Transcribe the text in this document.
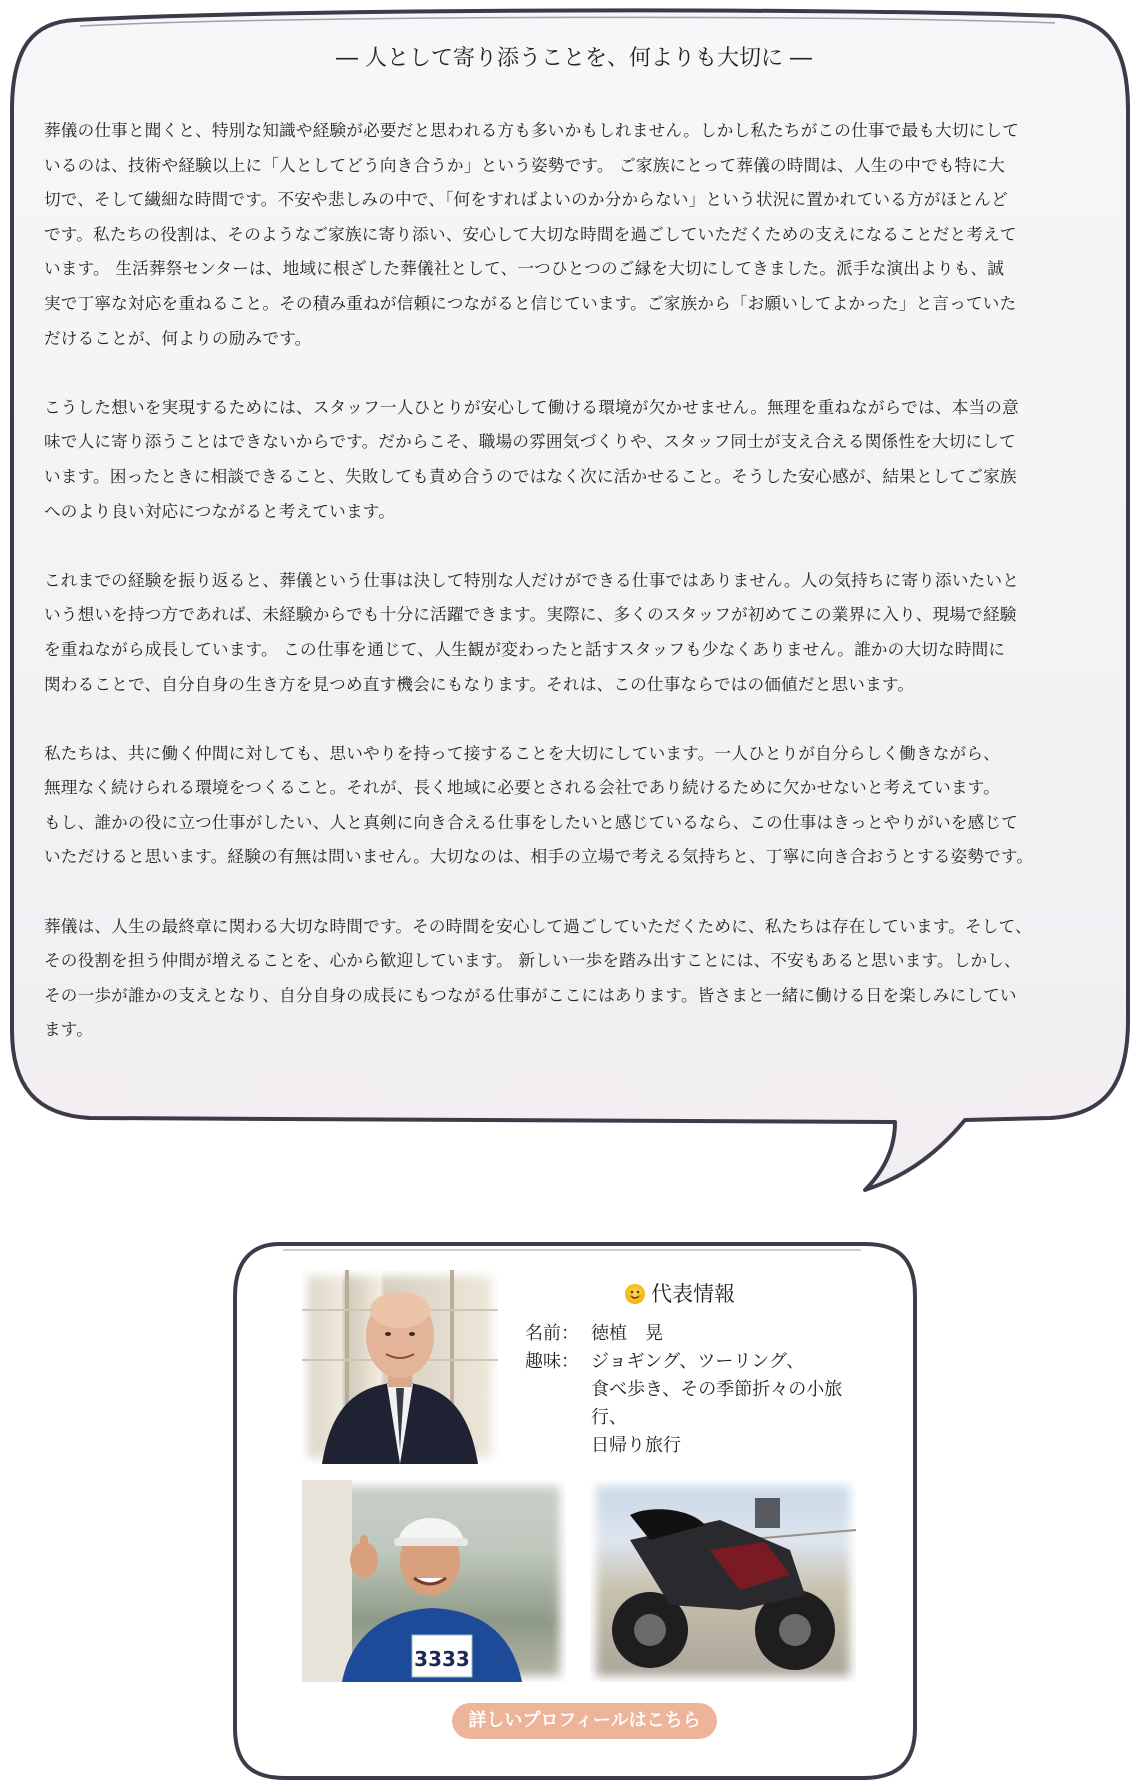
― 人として寄り添うことを、何よりも大切に ―

葬儀の仕事と聞くと、特別な知識や経験が必要だと思われる方も多いかもしれません。しかし私たちがこの仕事で最も大切にして
いるのは、技術や経験以上に「人としてどう向き合うか」という姿勢です。 ご家族にとって葬儀の時間は、人生の中でも特に大
切で、そして繊細な時間です。不安や悲しみの中で、「何をすればよいのか分からない」という状況に置かれている方がほとんど
です。私たちの役割は、そのようなご家族に寄り添い、安心して大切な時間を過ごしていただくための支えになることだと考えて
います。 生活葬祭センターは、地域に根ざした葬儀社として、一つひとつのご縁を大切にしてきました。派手な演出よりも、誠
実で丁寧な対応を重ねること。その積み重ねが信頼につながると信じています。ご家族から「お願いしてよかった」と言っていた
だけることが、何よりの励みです。

こうした想いを実現するためには、スタッフ一人ひとりが安心して働ける環境が欠かせません。無理を重ねながらでは、本当の意
味で人に寄り添うことはできないからです。だからこそ、職場の雰囲気づくりや、スタッフ同士が支え合える関係性を大切にして
います。困ったときに相談できること、失敗しても責め合うのではなく次に活かせること。そうした安心感が、結果としてご家族
へのより良い対応につながると考えています。

これまでの経験を振り返ると、葬儀という仕事は決して特別な人だけができる仕事ではありません。人の気持ちに寄り添いたいと
いう想いを持つ方であれば、未経験からでも十分に活躍できます。実際に、多くのスタッフが初めてこの業界に入り、現場で経験
を重ねながら成長しています。 この仕事を通じて、人生観が変わったと話すスタッフも少なくありません。誰かの大切な時間に
関わることで、自分自身の生き方を見つめ直す機会にもなります。それは、この仕事ならではの価値だと思います。

私たちは、共に働く仲間に対しても、思いやりを持って接することを大切にしています。一人ひとりが自分らしく働きながら、
無理なく続けられる環境をつくること。それが、長く地域に必要とされる会社であり続けるために欠かせないと考えています。
もし、誰かの役に立つ仕事がしたい、人と真剣に向き合える仕事をしたいと感じているなら、この仕事はきっとやりがいを感じて
いただけると思います。経験の有無は問いません。大切なのは、相手の立場で考える気持ちと、丁寧に向き合おうとする姿勢です。

葬儀は、人生の最終章に関わる大切な時間です。その時間を安心して過ごしていただくために、私たちは存在しています。そして、
その役割を担う仲間が増えることを、心から歓迎しています。 新しい一歩を踏み出すことには、不安もあると思います。しかし、
その一歩が誰かの支えとなり、自分自身の成長にもつながる仕事がここにはあります。皆さまと一緒に働ける日を楽しみにしてい
ます。

代表情報
名前： 徳植　晃
趣味： ジョギング、ツーリング、
食べ歩き、その季節折々の小旅行、
日帰り旅行
3333
詳しいプロフィールはこちら
